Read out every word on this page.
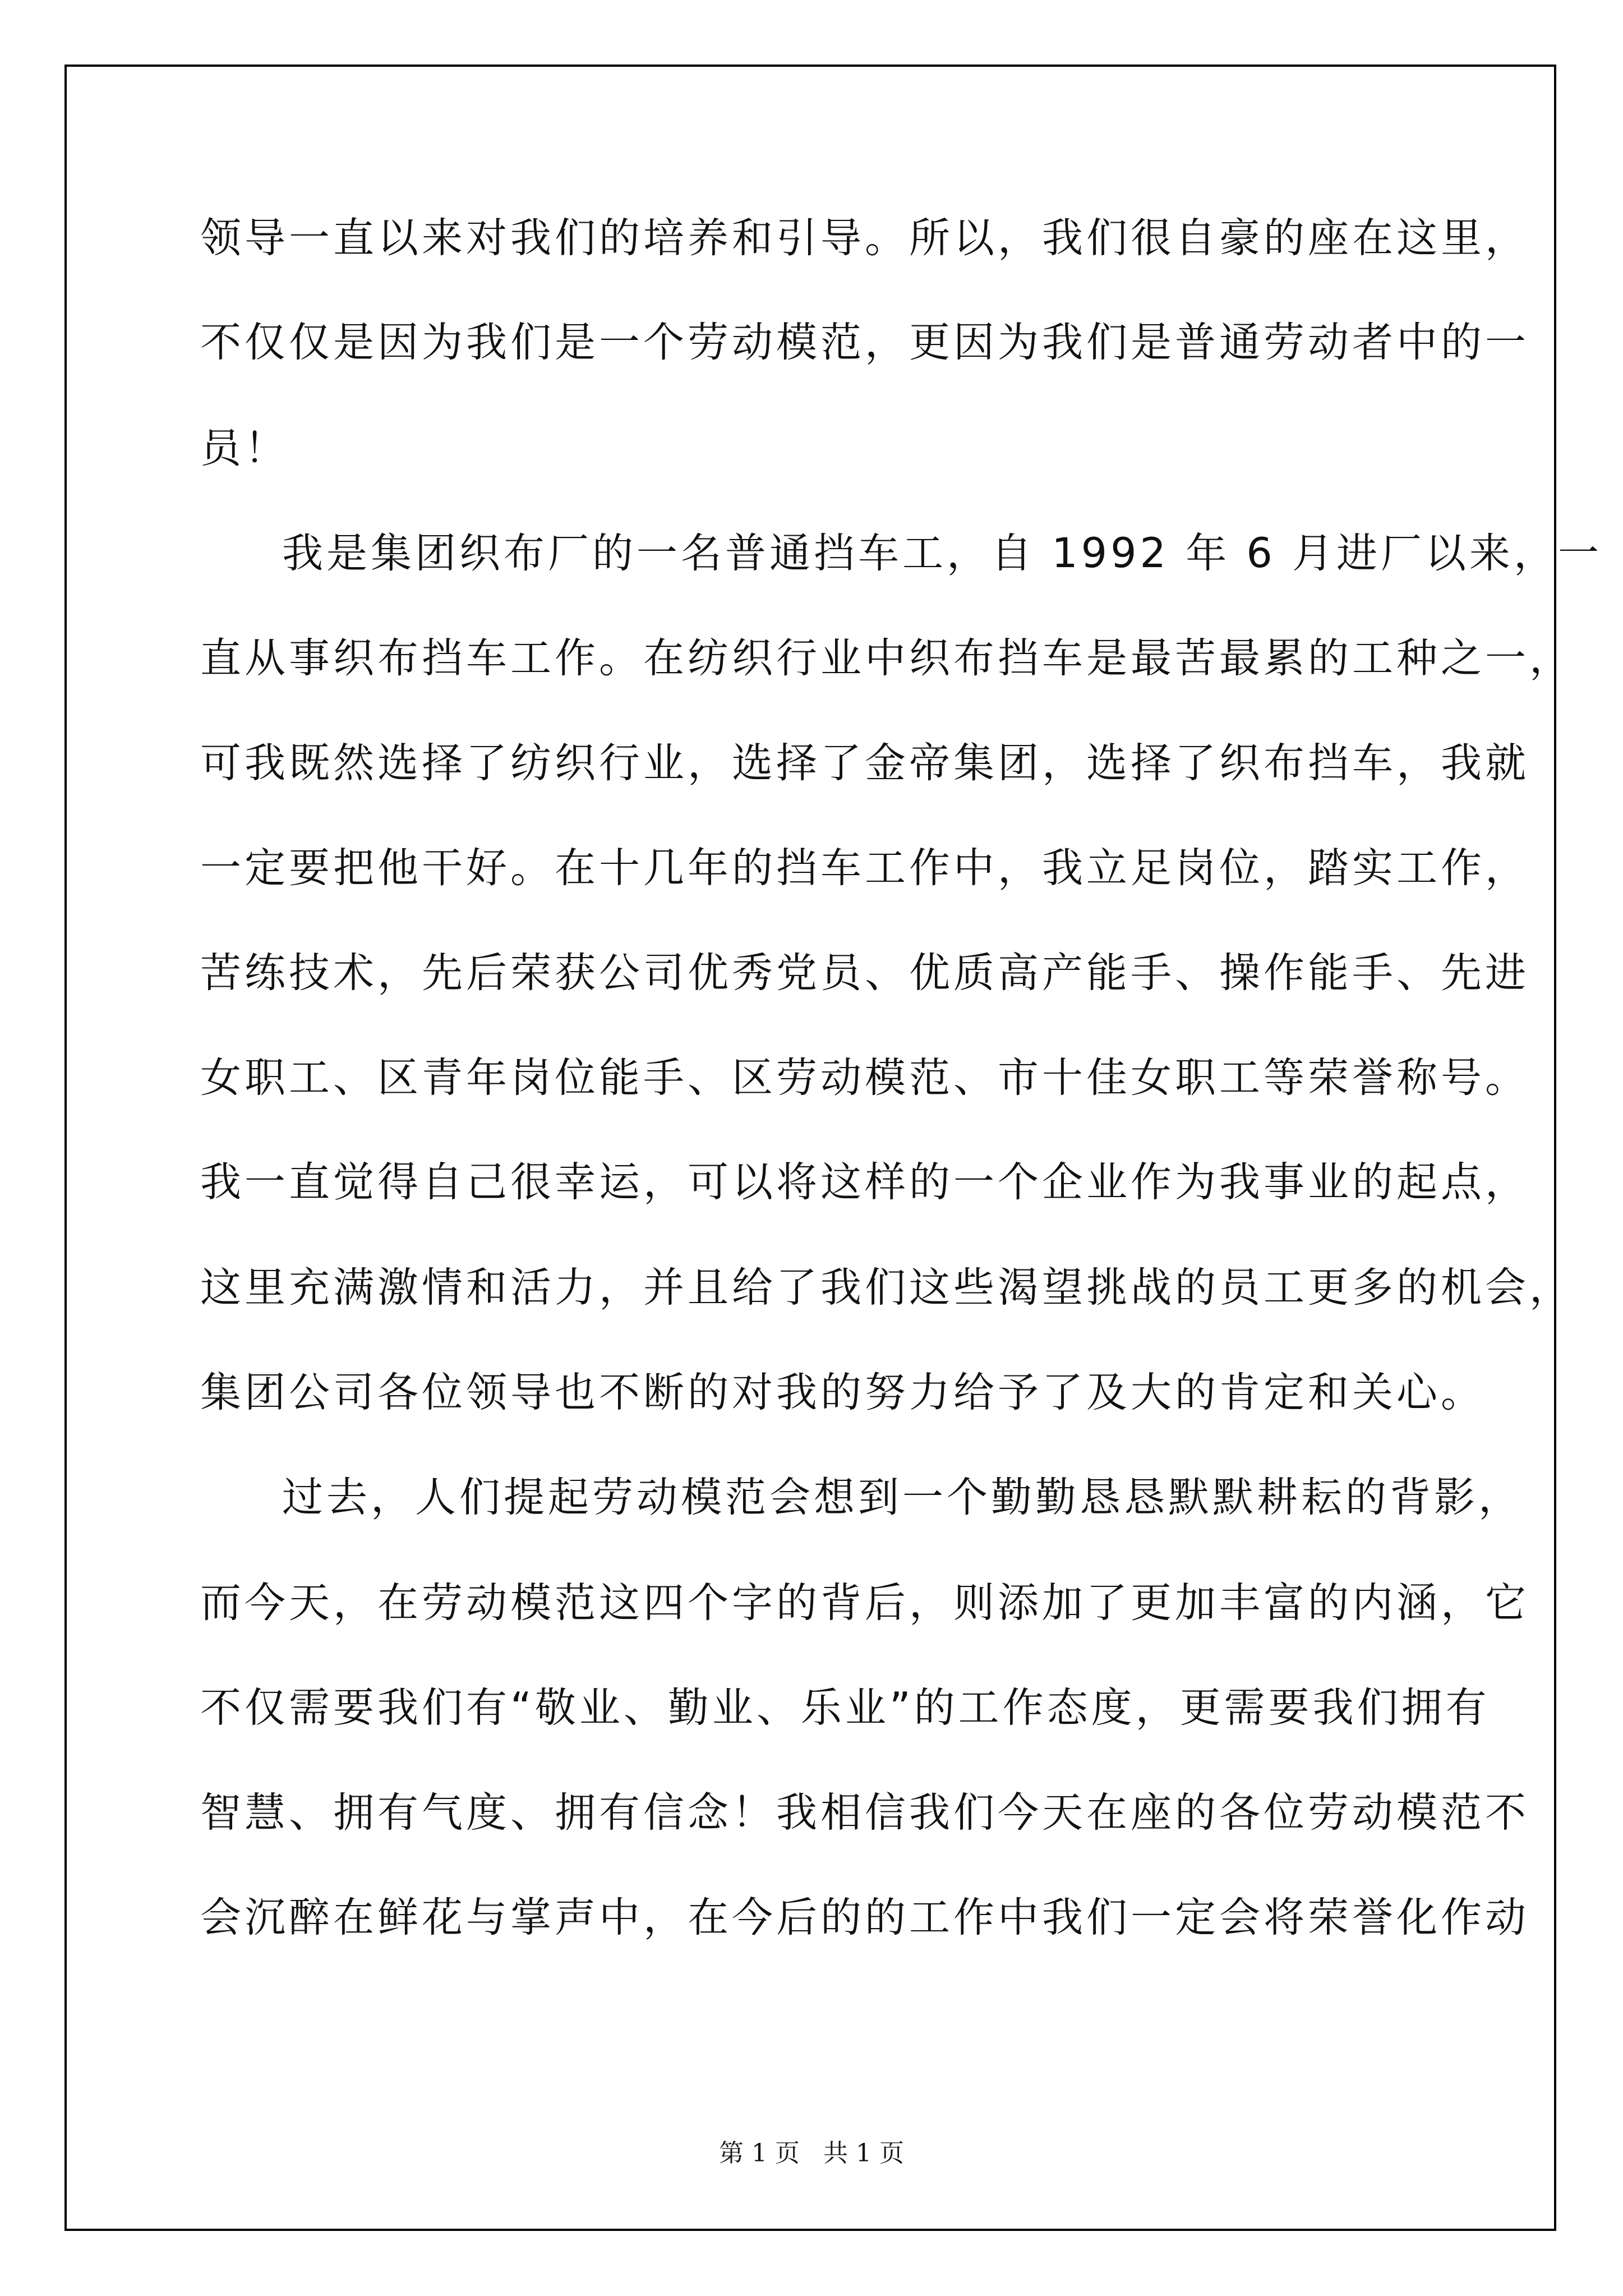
领导一直以来对我们的培养和引导。所以，我们很自豪的座在这里，
不仅仅是因为我们是一个劳动模范，更因为我们是普通劳动者中的一
员！
我是集团织布厂的一名普通挡车工，自 1992 年 6 月进厂以来，一
直从事织布挡车工作。在纺织行业中织布挡车是最苦最累的工种之一，
可我既然选择了纺织行业，选择了金帝集团，选择了织布挡车，我就
一定要把他干好。在十几年的挡车工作中，我立足岗位，踏实工作，
苦练技术，先后荣获公司优秀党员、优质高产能手、操作能手、先进
女职工、区青年岗位能手、区劳动模范、市十佳女职工等荣誉称号。
我一直觉得自己很幸运，可以将这样的一个企业作为我事业的起点，
这里充满激情和活力，并且给了我们这些渴望挑战的员工更多的机会，
集团公司各位领导也不断的对我的努力给予了及大的肯定和关心。
过去，人们提起劳动模范会想到一个勤勤恳恳默默耕耘的背影，
而今天，在劳动模范这四个字的背后，则添加了更加丰富的内涵，它
不仅需要我们有“敬业、勤业、乐业”的工作态度，更需要我们拥有
智慧、拥有气度、拥有信念！我相信我们今天在座的各位劳动模范不
会沉醉在鲜花与掌声中，在今后的的工作中我们一定会将荣誉化作动
第 1 页   共 1 页
